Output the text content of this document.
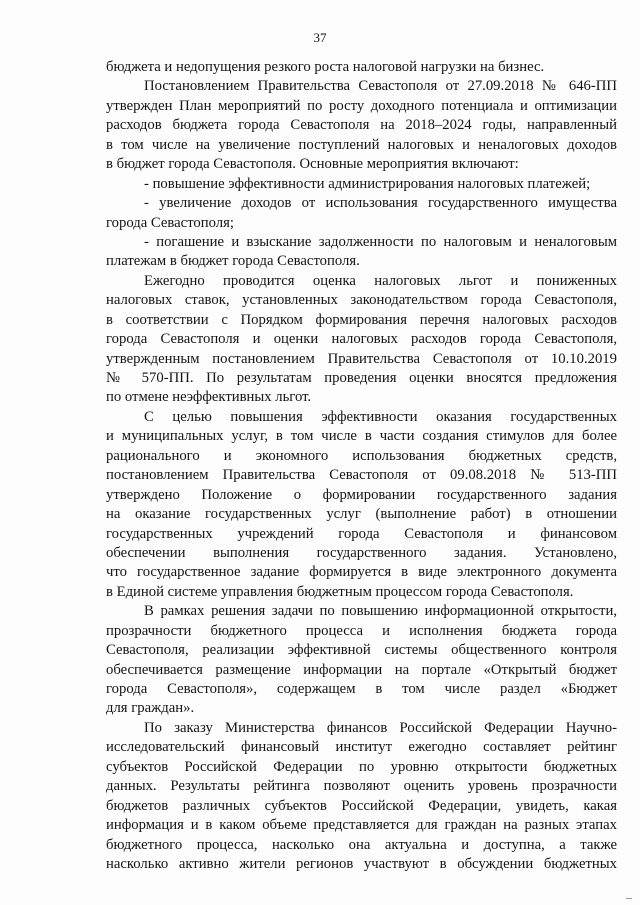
37
бюджета и недопущения резкого роста налоговой нагрузки на бизнес.
Постановлением Правительства Севастополя от 27.09.2018 № 646-ПП
утвержден План мероприятий по росту доходного потенциала и оптимизации
расходов бюджета города Севастополя на 2018–2024 годы, направленный
в том числе на увеличение поступлений налоговых и неналоговых доходов
в бюджет города Севастополя. Основные мероприятия включают:
- повышение эффективности администрирования налоговых платежей;
- увеличение доходов от использования государственного имущества
города Севастополя;
- погашение и взыскание задолженности по налоговым и неналоговым
платежам в бюджет города Севастополя.
Ежегодно проводится оценка налоговых льгот и пониженных
налоговых ставок, установленных законодательством города Севастополя,
в соответствии с Порядком формирования перечня налоговых расходов
города Севастополя и оценки налоговых расходов города Севастополя,
утвержденным постановлением Правительства Севастополя от 10.10.2019
№ 570-ПП. По результатам проведения оценки вносятся предложения
по отмене неэффективных льгот.
С целью повышения эффективности оказания государственных
и муниципальных услуг, в том числе в части создания стимулов для более
рационального и экономного использования бюджетных средств,
постановлением Правительства Севастополя от 09.08.2018 № 513-ПП
утверждено Положение о формировании государственного задания
на оказание государственных услуг (выполнение работ) в отношении
государственных учреждений города Севастополя и финансовом
обеспечении выполнения государственного задания. Установлено,
что государственное задание формируется в виде электронного документа
в Единой системе управления бюджетным процессом города Севастополя.
В рамках решения задачи по повышению информационной открытости,
прозрачности бюджетного процесса и исполнения бюджета города
Севастополя, реализации эффективной системы общественного контроля
обеспечивается размещение информации на портале «Открытый бюджет
города Севастополя», содержащем в том числе раздел «Бюджет
для граждан».
По заказу Министерства финансов Российской Федерации Научно-
исследовательский финансовый институт ежегодно составляет рейтинг
субъектов Российской Федерации по уровню открытости бюджетных
данных. Результаты рейтинга позволяют оценить уровень прозрачности
бюджетов различных субъектов Российской Федерации, увидеть, какая
информация и в каком объеме представляется для граждан на разных этапах
бюджетного процесса, насколько она актуальна и доступна, а также
насколько активно жители регионов участвуют в обсуждении бюджетных
